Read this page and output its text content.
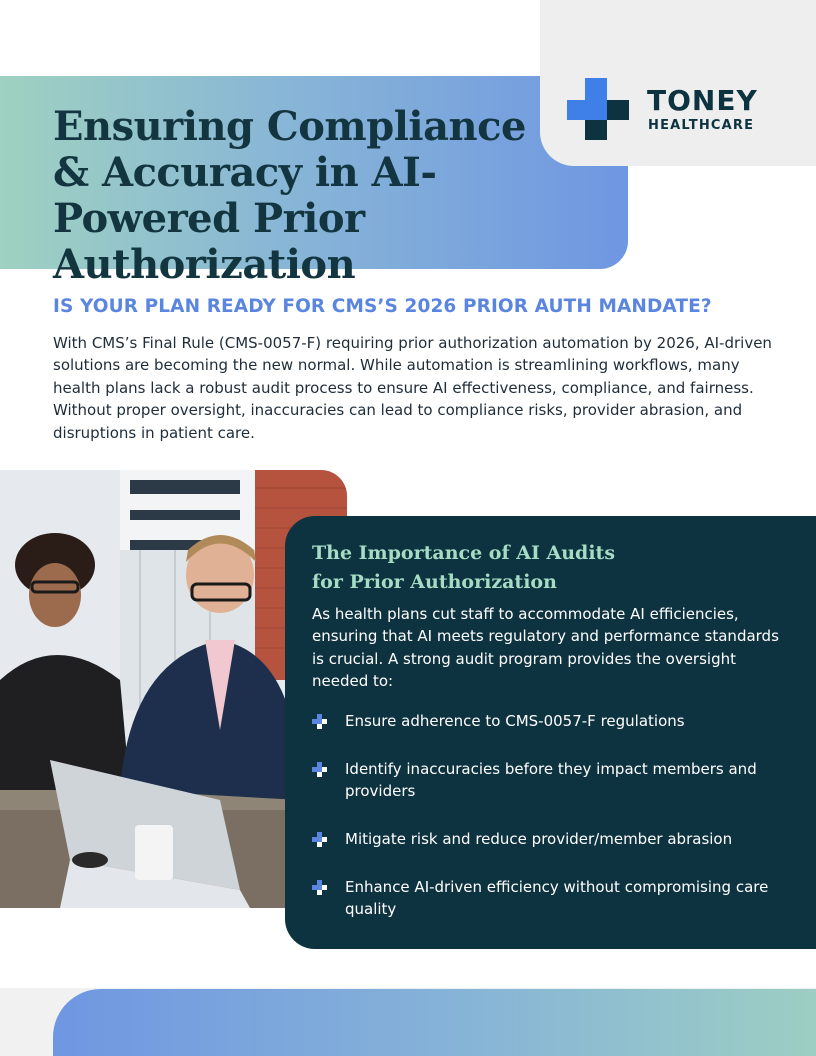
Ensuring Compliance & Accuracy in AI-Powered Prior Authorization
TONEY
HEALTHCARE
IS YOUR PLAN READY FOR CMS’S 2026 PRIOR AUTH MANDATE?

With CMS’s Final Rule (CMS-0057-F) requiring prior authorization automation by 2026, AI-driven solutions are becoming the new normal. While automation is streamlining workflows, many health plans lack a robust audit process to ensure AI effectiveness, compliance, and fairness. Without proper oversight, inaccuracies can lead to compliance risks, provider abrasion, and disruptions in patient care.

The Importance of AI Audits for Prior Authorization

As health plans cut staff to accommodate AI efficiencies, ensuring that AI meets regulatory and performance standards is crucial. A strong audit program provides the oversight needed to:

Ensure adherence to CMS-0057-F regulations
Identify inaccuracies before they impact members and providers
Mitigate risk and reduce provider/member abrasion
Enhance AI-driven efficiency without compromising care quality
